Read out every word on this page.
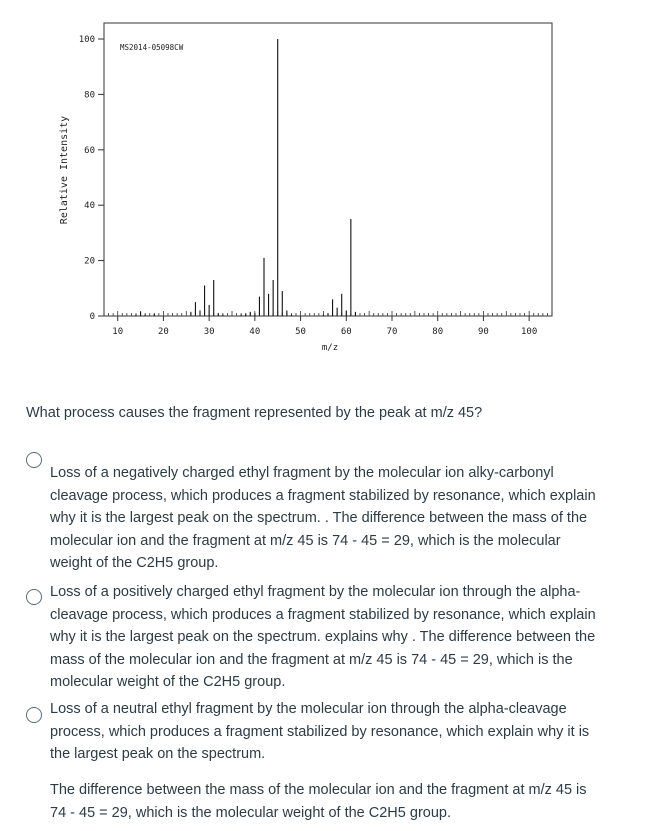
10	20	30	40	50	60	70	80	90	100
0
20
40
60
80
100
MS2014-05098CW
m/z
Relative Intensity
What process causes the fragment represented by the peak at m/z 45?
Loss of a negatively charged ethyl fragment by the molecular ion alky-carbonyl cleavage process, which produces a fragment stabilized by resonance, which explain why it is the largest peak on the spectrum. . The difference between the mass of the molecular ion and the fragment at m/z 45 is 74 - 45 = 29, which is the molecular weight of the C2H5 group.
Loss of a positively charged ethyl fragment by the molecular ion through the alpha-cleavage process, which produces a fragment stabilized by resonance, which explain why it is the largest peak on the spectrum. explains why . The difference between the mass of the molecular ion and the fragment at m/z 45 is 74 - 45 = 29, which is the molecular weight of the C2H5 group.
Loss of a neutral ethyl fragment by the molecular ion through the alpha-cleavage process, which produces a fragment stabilized by resonance, which explain why it is the largest peak on the spectrum.
The difference between the mass of the molecular ion and the fragment at m/z 45 is 74 - 45 = 29, which is the molecular weight of the C2H5 group.
